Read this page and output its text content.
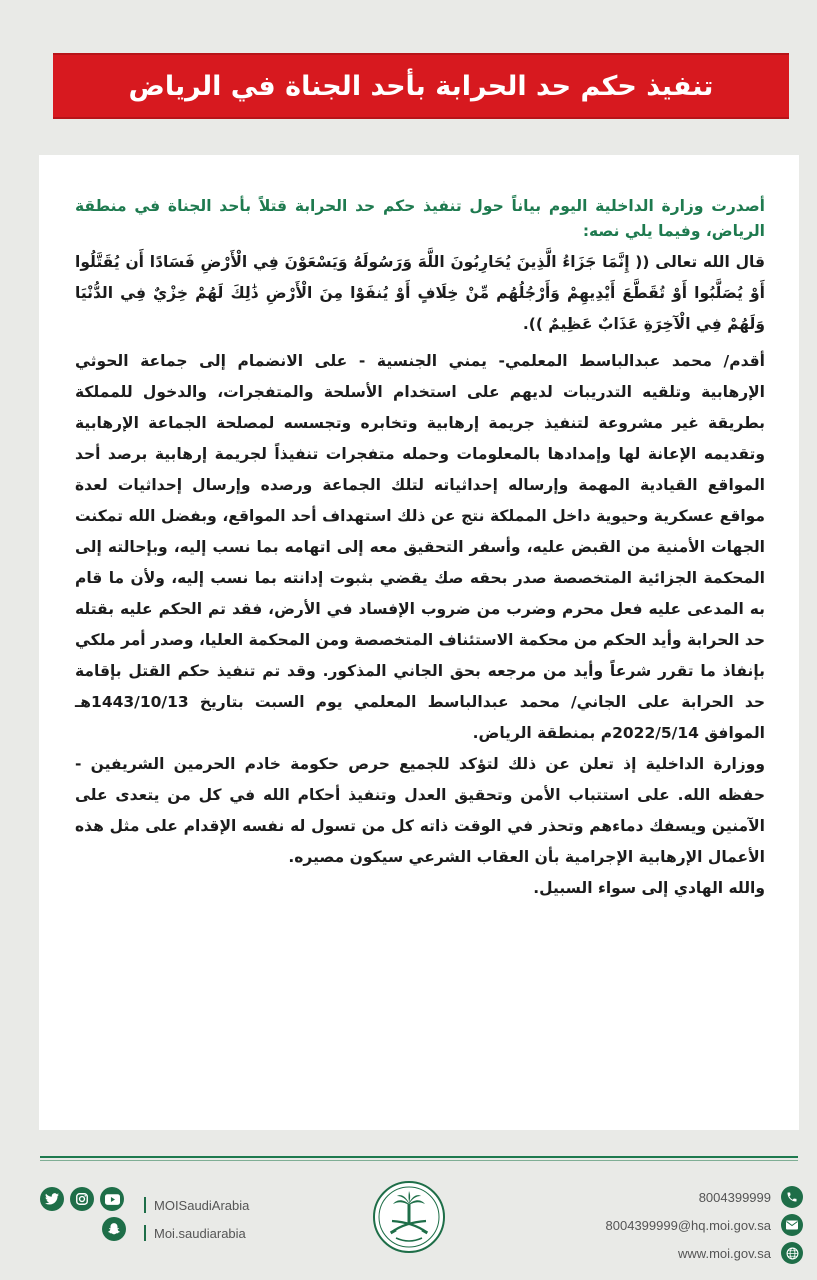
تنفيذ حكم حد الحرابة بأحد الجناة في الرياض

أصدرت وزارة الداخلية اليوم بياناً حول تنفيذ حكم حد الحرابة قتلاً بأحد الجناة في منطقة الرياض، وفيما يلي نصه:

قال الله تعالى (( إِنَّمَا جَزَاءُ الَّذِينَ يُحَارِبُونَ اللَّهَ وَرَسُولَهُ وَيَسْعَوْنَ فِي الْأَرْضِ فَسَادًا أَن يُقَتَّلُوا أَوْ يُصَلَّبُوا أَوْ تُقَطَّعَ أَيْدِيهِمْ وَأَرْجُلُهُم مِّنْ خِلَافٍ أَوْ يُنفَوْا مِنَ الْأَرْضِ ذَٰلِكَ لَهُمْ خِزْيٌ فِي الدُّنْيَا وَلَهُمْ فِي الْآخِرَةِ عَذَابٌ عَظِيمٌ )).

أقدم/ محمد عبدالباسط المعلمي- يمني الجنسية - على الانضمام إلى جماعة الحوثي الإرهابية وتلقيه التدريبات لديهم على استخدام الأسلحة والمتفجرات، والدخول للمملكة بطريقة غير مشروعة لتنفيذ جريمة إرهابية وتخابره وتجسسه لمصلحة الجماعة الإرهابية وتقديمه الإعانة لها وإمدادها بالمعلومات وحمله متفجرات تنفيذاً لجريمة إرهابية برصد أحد المواقع القيادية المهمة وإرساله إحداثياته لتلك الجماعة ورصده وإرسال إحداثيات لعدة مواقع عسكرية وحيوية داخل المملكة نتج عن ذلك استهداف أحد المواقع، وبفضل الله تمكنت الجهات الأمنية من القبض عليه، وأسفر التحقيق معه إلى اتهامه بما نسب إليه، وبإحالته إلى المحكمة الجزائية المتخصصة صدر بحقه صك يقضي بثبوت إدانته بما نسب إليه، ولأن ما قام به المدعى عليه فعل محرم وضرب من ضروب الإفساد في الأرض، فقد تم الحكم عليه بقتله حد الحرابة وأيد الحكم من محكمة الاستئناف المتخصصة ومن المحكمة العليا، وصدر أمر ملكي بإنفاذ ما تقرر شرعاً وأيد من مرجعه بحق الجاني المذكور. وقد تم تنفيذ حكم القتل بإقامة حد الحرابة على الجاني/ محمد عبدالباسط المعلمي يوم السبت بتاريخ 1443/10/13هـ الموافق 2022/5/14م بمنطقة الرياض.

ووزارة الداخلية إذ تعلن عن ذلك لتؤكد للجميع حرص حكومة خادم الحرمين الشريفين - حفظه الله. على استتباب الأمن وتحقيق العدل وتنفيذ أحكام الله في كل من يتعدى على الآمنين ويسفك دماءهم وتحذر في الوقت ذاته كل من تسول له نفسه الإقدام على مثل هذه الأعمال الإرهابية الإجرامية بأن العقاب الشرعي سيكون مصيره.

والله الهادي إلى سواء السبيل.

MOISaudiArabia
Moi.saudiarabia
8004399999
8004399999@hq.moi.gov.sa
www.moi.gov.sa
